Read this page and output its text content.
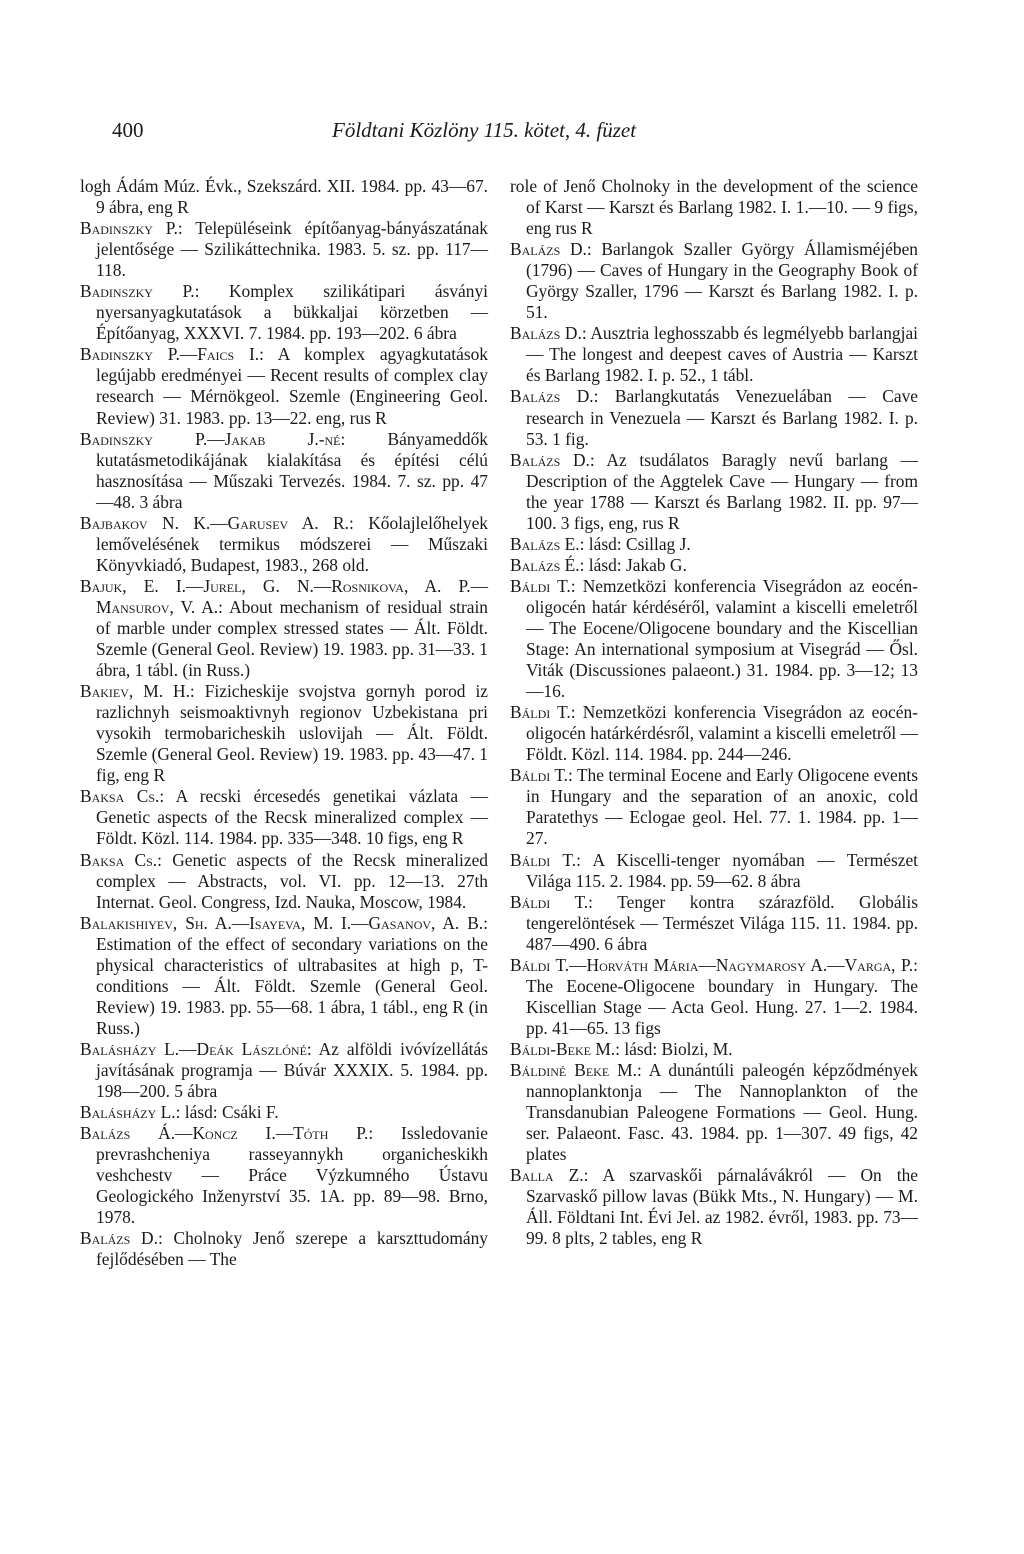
400	Földtani Közlöny 115. kötet, 4. füzet

logh Ádám Múz. Évk., Szekszárd. XII. 1984. pp. 43—67. 9 ábra, eng R

Badinszky P.: Településeink építőanyag-bányászatának jelentősége — Szilikáttechnika. 1983. 5. sz. pp. 117—118.

Badinszky P.: Komplex szilikátipari ásványi nyersanyagkutatások a bükkaljai körzetben — Építőanyag, XXXVI. 7. 1984. pp. 193—202. 6 ábra

Badinszky P.—Faics I.: A komplex agyagkutatások legújabb eredményei — Recent results of complex clay research — Mérnökgeol. Szemle (Engineering Geol. Review) 31. 1983. pp. 13—22. eng, rus R

Badinszky P.—Jakab J.-né: Bányameddők kutatásmetodikájának kialakítása és építési célú hasznosítása — Műszaki Tervezés. 1984. 7. sz. pp. 47—48. 3 ábra

Bajbakov N. K.—Garusev A. R.: Kőolajlelőhelyek lemővelésének termikus módszerei — Műszaki Könyvkiadó, Budapest, 1983., 268 old.

Bajuk, E. I.—Jurel, G. N.—Rosnikova, A. P.—Mansurov, V. A.: About mechanism of residual strain of marble under complex stressed states — Ált. Földt. Szemle (General Geol. Review) 19. 1983. pp. 31—33. 1 ábra, 1 tábl. (in Russ.)

Bakiev, M. H.: Fizicheskije svojstva gornyh porod iz razlichnyh seismoaktivnyh regionov Uzbekistana pri vysokih termobaricheskih uslovijah — Ált. Földt. Szemle (General Geol. Review) 19. 1983. pp. 43—47. 1 fig, eng R

Baksa Cs.: A recski ércesedés genetikai vázlata — Genetic aspects of the Recsk mineralized complex — Földt. Közl. 114. 1984. pp. 335—348. 10 figs, eng R

Baksa Cs.: Genetic aspects of the Recsk mineralized complex — Abstracts, vol. VI. pp. 12—13. 27th Internat. Geol. Congress, Izd. Nauka, Moscow, 1984.

Balakishiyev, Sh. A.—Isayeva, M. I.—Gasanov, A. B.: Estimation of the effect of secondary variations on the physical characteristics of ultrabasites at high p, T-conditions — Ált. Földt. Szemle (General Geol. Review) 19. 1983. pp. 55—68. 1 ábra, 1 tábl., eng R (in Russ.)

Balásházy L.—Deák Lászlóné: Az alföldi ivóvízellátás javításának programja — Búvár XXXIX. 5. 1984. pp. 198—200. 5 ábra

Balásházy L.: lásd: Csáki F.

Balázs Á.—Koncz I.—Tóth P.: Issledovanie prevrashcheniya rasseyannykh organicheskikh veshchestv — Práce Výzkumného Ústavu Geologického Inženyrství 35. 1A. pp. 89—98. Brno, 1978.

Balázs D.: Cholnoky Jenő szerepe a karszttudomány fejlődésében — The

role of Jenő Cholnoky in the development of the science of Karst — Karszt és Barlang 1982. I. 1.—10. — 9 figs, eng rus R

Balázs D.: Barlangok Szaller György Államisméjében (1796) — Caves of Hungary in the Geography Book of György Szaller, 1796 — Karszt és Barlang 1982. I. p. 51.

Balázs D.: Ausztria leghosszabb és legmélyebb barlangjai — The longest and deepest caves of Austria — Karszt és Barlang 1982. I. p. 52., 1 tábl.

Balázs D.: Barlangkutatás Venezuelában — Cave research in Venezuela — Karszt és Barlang 1982. I. p. 53. 1 fig.

Balázs D.: Az tsudálatos Baragly nevű barlang — Description of the Aggtelek Cave — Hungary — from the year 1788 — Karszt és Barlang 1982. II. pp. 97—100. 3 figs, eng, rus R

Balázs E.: lásd: Csillag J.

Balázs É.: lásd: Jakab G.

Báldi T.: Nemzetközi konferencia Visegrádon az eocén-oligocén határ kérdéséről, valamint a kiscelli emeletről — The Eocene/Oligocene boundary and the Kiscellian Stage: An international symposium at Visegrád — Ősl. Viták (Discussiones palaeont.) 31. 1984. pp. 3—12; 13—16.

Báldi T.: Nemzetközi konferencia Visegrádon az eocén-oligocén határkérdésről, valamint a kiscelli emeletről — Földt. Közl. 114. 1984. pp. 244—246.

Báldi T.: The terminal Eocene and Early Oligocene events in Hungary and the separation of an anoxic, cold Paratethys — Eclogae geol. Hel. 77. 1. 1984. pp. 1—27.

Báldi T.: A Kiscelli-tenger nyomában — Természet Világa 115. 2. 1984. pp. 59—62. 8 ábra

Báldi T.: Tenger kontra szárazföld. Globális tengerelöntések — Természet Világa 115. 11. 1984. pp. 487—490. 6 ábra

Báldi T.—Horváth Mária—Nagymarosy A.—Varga, P.: The Eocene-Oligocene boundary in Hungary. The Kiscellian Stage — Acta Geol. Hung. 27. 1—2. 1984. pp. 41—65. 13 figs

Báldi-Beke M.: lásd: Biolzi, M.

Báldiné Beke M.: A dunántúli paleogén képződmények nannoplanktonja — The Nannoplankton of the Transdanubian Paleogene Formations — Geol. Hung. ser. Palaeont. Fasc. 43. 1984. pp. 1—307. 49 figs, 42 plates

Balla Z.: A szarvaskői párnalávákról — On the Szarvaskő pillow lavas (Bükk Mts., N. Hungary) — M. Áll. Földtani Int. Évi Jel. az 1982. évről, 1983. pp. 73—99. 8 plts, 2 tables, eng R
